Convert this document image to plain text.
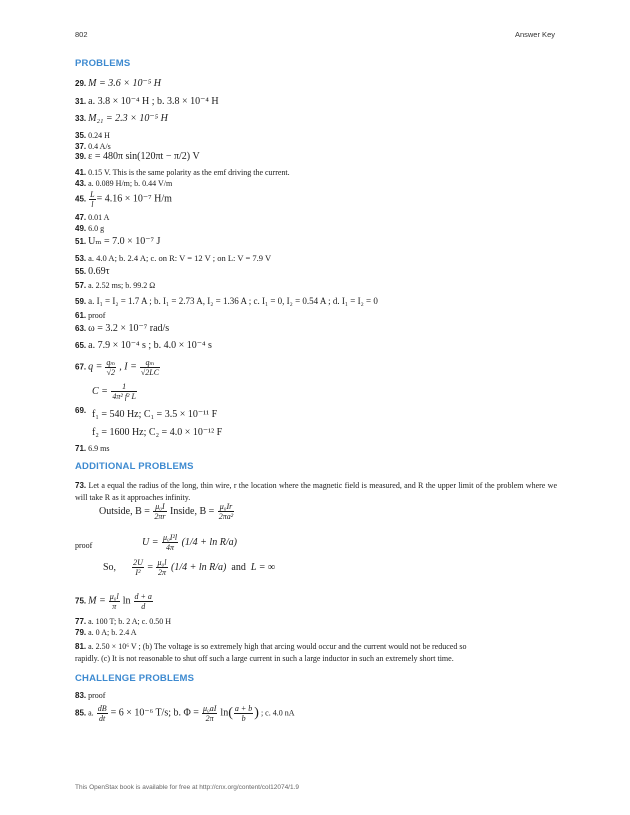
802	Answer Key
PROBLEMS
29. M = 3.6 × 10⁻⁵ H
31. a. 3.8 × 10⁻⁴ H ; b. 3.8 × 10⁻⁴ H
33. M₂₁ = 2.3 × 10⁻⁵ H
35. 0.24 H
37. 0.4 A/s
39. ε = 480π sin(120πt − π/2) V
41. 0.15 V. This is the same polarity as the emf driving the current.
43. a. 0.089 H/m; b. 0.44 V/m
45. $\frac{L}{l} = 4.16 \times 10^{-7}$ H/m
47. 0.01 A
49. 6.0 g
51. Uₘ = 7.0 × 10⁻⁷ J
53. a. 4.0 A; b. 2.4 A; c. on R: V = 12 V ; on L: V = 7.9 V
55. 0.69τ
57. a. 2.52 ms; b. 99.2 Ω
59. a. I₁ = I₂ = 1.7 A ; b. I₁ = 2.73 A, I₂ = 1.36 A ; c. I₁ = 0, I₂ = 0.54 A ; d. I₁ = I₂ = 0
61. proof
63. ω = 3.2 × 10⁻⁷ rad/s
65. a. 7.9 × 10⁻⁴ s ; b. 4.0 × 10⁻⁴ s
67. $q = \frac{\text{qₘ}}{√2}$ , $I = \frac{\text{qₘ}}{√2LC}$
$C = \frac{1}{\text{4π² f² L}}$
69. f₁ = 540 Hz; C₁ = 3.5 × 10⁻¹¹ F
f₂ = 1600 Hz; C₂ = 4.0 × 10⁻¹² F
71. 6.9 ms
ADDITIONAL PROBLEMS
73. Let a equal the radius of the long, thin wire, r the location where the magnetic field is measured, and R the upper limit of the problem where we will take R as it approaches infinity.
Outside, $B = \frac{\text{μ₀I}}{2\pi r}$ Inside, $B = \frac{\text{μ₀Ir}}{\text{2πa²}}$
proof	$U = \frac{\text{μ₀I²l}}{4\pi} (1/4 + \ln R/a)$
So, $\frac{2U}{\text{I²}} = \frac{\text{μ₀l}}{2\pi} (1/4 + \ln R/a)$ and L = ∞
75. $M = \frac{\text{μ₀l}}{\pi}$ $\ln \frac{d + a}{d}$
77. a. 100 T; b. 2 A; c. 0.50 H
79. a. 0 A; b. 2.4 A
81. a. 2.50 × 10⁶ V ; (b) The voltage is so extremely high that arcing would occur and the current would not be reduced so
rapidly. (c) It is not reasonable to shut off such a large current in such a large inductor in such an extremely short time.
CHALLENGE PROBLEMS
83. proof
85. a. $\frac{dB}{dt} = 6 \times 10^{-6}$ T/s; b. $\Phi = \frac{\text{μ₀aI}}{2\pi} \ln( \frac{a + b}{b}$ ) ; c. 4.0 nA
This OpenStax book is available for free at http://cnx.org/content/col12074/1.9
